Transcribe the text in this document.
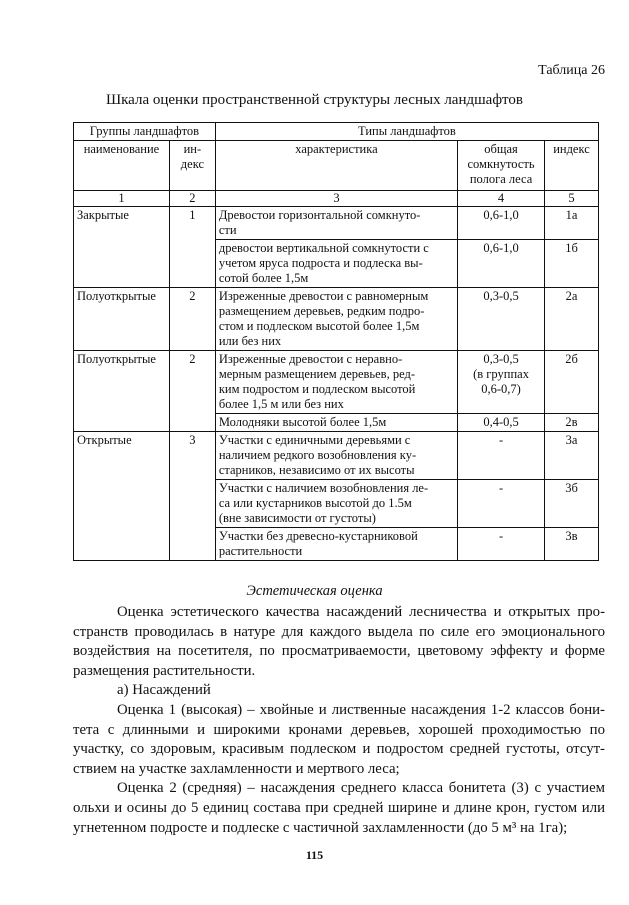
Таблица 26
Шкала оценки пространственной структуры лесных ландшафтов
Группы ландшафтов		Типы ландшафтов		
наименование	ин-
декс	характеристика	общая
сомкнутость
полога леса	индекс
1	2	3	4	5
Закрытые	1	Древостои горизонтальной сомкнуто-
сти	0,6-1,0	1а
		древостои вертикальной сомкнутости с
учетом яруса подроста и подлеска вы-
сотой более 1,5м	0,6-1,0	1б
Полуоткрытые	2	Изреженные древостои с равномерным
размещением деревьев, редким подро-
стом и подлеском высотой более 1,5м
или без них	0,3-0,5	2а
Полуоткрытые	2	Изреженные древостои с неравно-
мерным размещением деревьев, ред-
ким подростом и подлеском высотой
более 1,5 м или без них	0,3-0,5
(в группах
0,6-0,7)	2б
		Молодняки высотой более 1,5м	0,4-0,5	2в
Открытые	3	Участки с единичными деревьями с
наличием редкого возобновления ку-
старников, независимо от их высоты	-	3а
		Участки с наличием возобновления ле-
са или кустарников высотой до 1.5м
(вне зависимости от густоты)	-	3б
		Участки без древесно-кустарниковой
растительности	-	3в
Эстетическая оценка

Оценка эстетического качества насаждений лесничества и открытых про-странств проводилась в натуре для каждого выдела по силе его эмоционального воздействия на посетителя, по просматриваемости, цветовому эффекту и форме размещения растительности.

а) Насаждений

Оценка 1 (высокая) – хвойные и лиственные насаждения 1-2 классов бони-тета с длинными и широкими кронами деревьев, хорошей проходимостью по участку, со здоровым, красивым подлеском и подростом средней густоты, отсут-ствием на участке захламленности и мертвого леса;

Оценка 2 (средняя) – насаждения среднего класса бонитета (3) с участием ольхи и осины до 5 единиц состава при средней ширине и длине крон, густом или угнетенном подросте и подлеске с частичной захламленности (до 5 м³ на 1га);

115
